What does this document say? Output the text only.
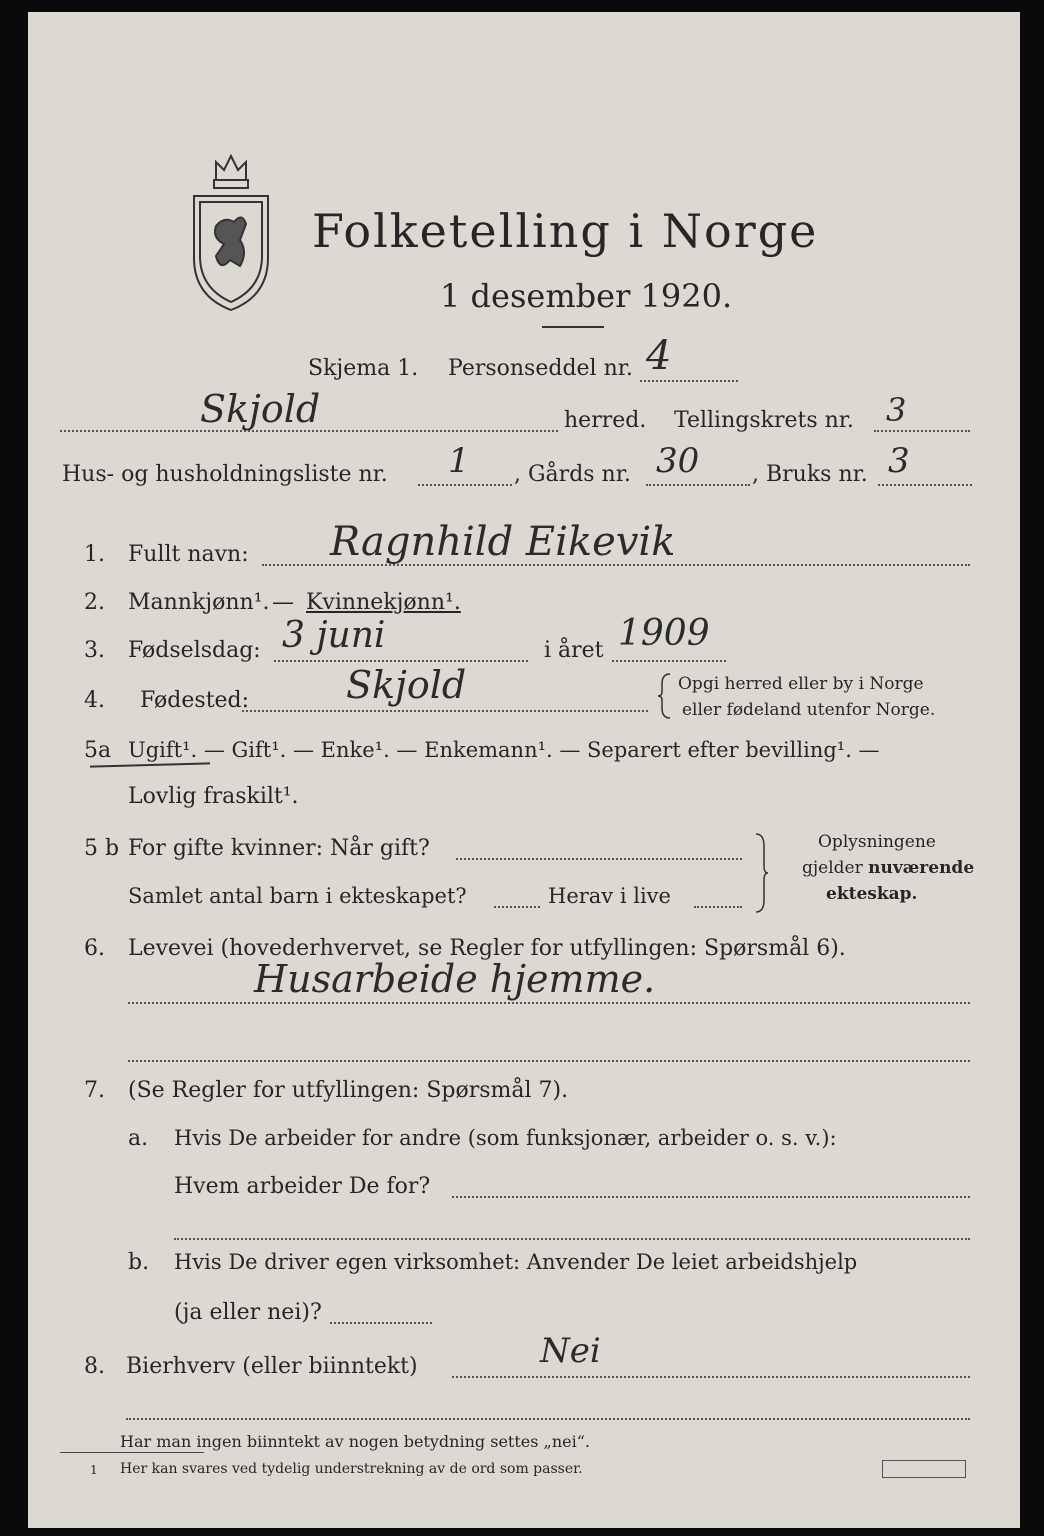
Folketelling i Norge
1 desember 1920.
Skjema 1. Personseddel nr. 4
Skjold	herred. Tellingskrets nr. 3
Hus- og husholdningsliste nr. 1 , Gårds nr. 30 , Bruks nr. 3
1. Fullt navn: Ragnhild Eikevik
2. Mannkjønn¹. — Kvinnekjønn¹.
3. Fødselsdag: 3 juni	i året 1909
4. Fødested:	Skjold	Opgi herred eller by i Norge
eller fødeland utenfor Norge.
5a Ugift¹. — Gift¹. — Enke¹. — Enkemann¹. — Separert efter bevilling¹. —
Lovlig fraskilt¹.
5 b For gifte kvinner: Når gift?
Samlet antal barn i ekteskapet?	Herav i live
Oplysningene
gjelder nuværende
ekteskap.
6. Levevei (hovederhvervet, se Regler for utfyllingen: Spørsmål 6).
Husarbeide hjemme.
7. (Se Regler for utfyllingen: Spørsmål 7).
a. Hvis De arbeider for andre (som funksjonær, arbeider o. s. v.):
Hvem arbeider De for?
b. Hvis De driver egen virksomhet: Anvender De leiet arbeidshjelp
(ja eller nei)?
8. Bierhverv (eller biinntekt)	Nei
Har man ingen biinntekt av nogen betydning settes „nei“.
1 Her kan svares ved tydelig understrekning av de ord som passer.
